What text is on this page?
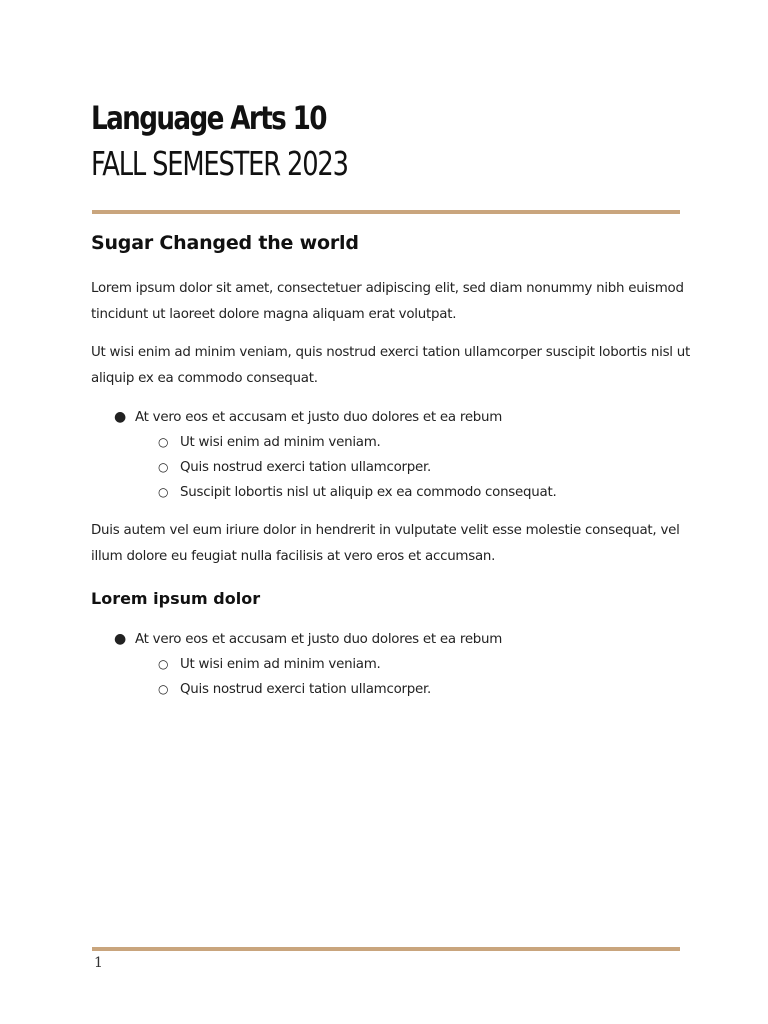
Language Arts 10
FALL SEMESTER 2023
Sugar Changed the world

Lorem ipsum dolor sit amet, consectetuer adipiscing elit, sed diam nonummy nibh euismod tincidunt ut laoreet dolore magna aliquam erat volutpat.

Ut wisi enim ad minim veniam, quis nostrud exerci tation ullamcorper suscipit lobortis nisl ut aliquip ex ea commodo consequat.

● At vero eos et accusam et justo duo dolores et ea rebum
○ Ut wisi enim ad minim veniam.
○ Quis nostrud exerci tation ullamcorper.
○ Suscipit lobortis nisl ut aliquip ex ea commodo consequat.

Duis autem vel eum iriure dolor in hendrerit in vulputate velit esse molestie consequat, vel illum dolore eu feugiat nulla facilisis at vero eros et accumsan.

Lorem ipsum dolor
● At vero eos et accusam et justo duo dolores et ea rebum
○ Ut wisi enim ad minim veniam.
○ Quis nostrud exerci tation ullamcorper.
1
